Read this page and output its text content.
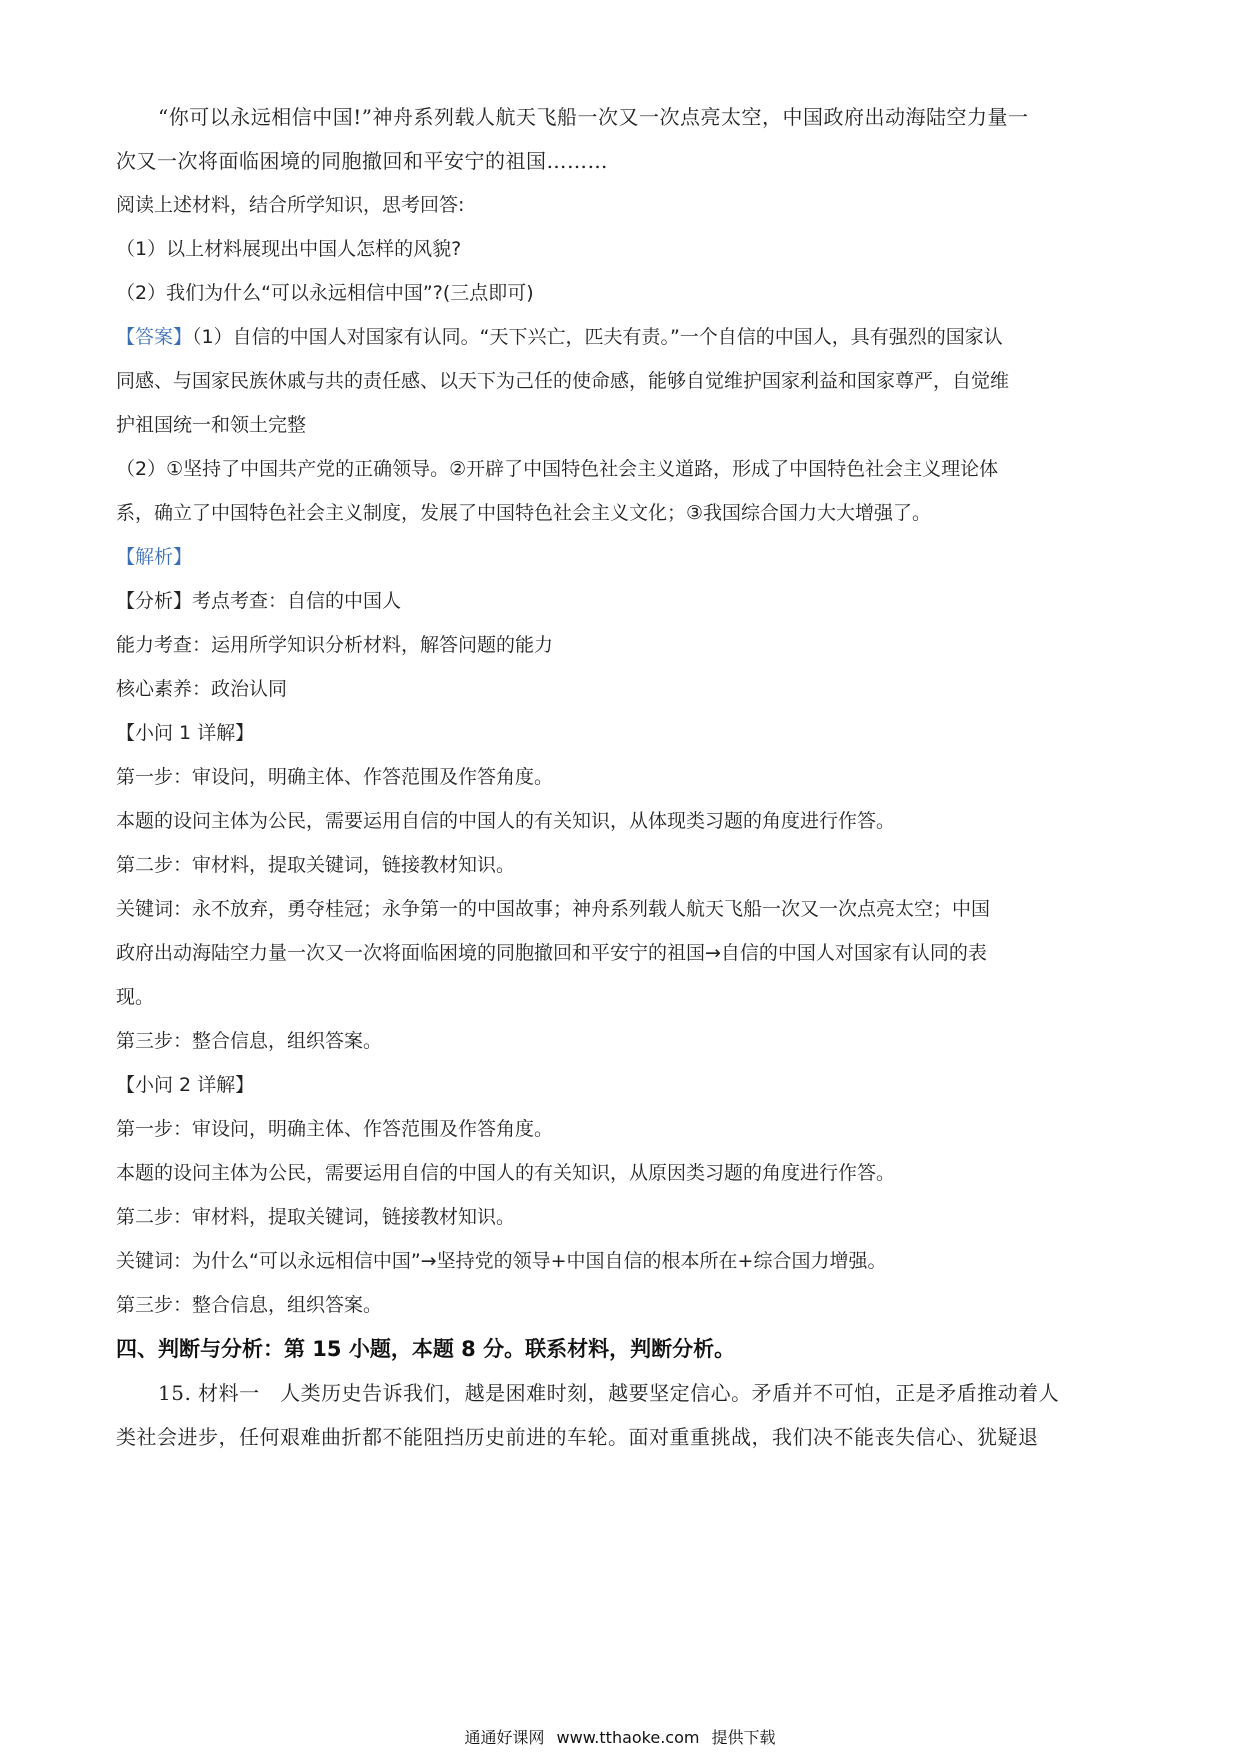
“你可以永远相信中国!”神舟系列载人航天飞船一次又一次点亮太空，中国政府出动海陆空力量一
次又一次将面临困境的同胞撤回和平安宁的祖国………
阅读上述材料，结合所学知识，思考回答:
（1）以上材料展现出中国人怎样的风貌?
（2）我们为什么“可以永远相信中国”?(三点即可)
【答案】（1）自信的中国人对国家有认同。“天下兴亡，匹夫有责。”一个自信的中国人，具有强烈的国家认
同感、与国家民族休戚与共的责任感、以天下为己任的使命感，能够自觉维护国家利益和国家尊严，自觉维
护祖国统一和领土完整
（2）①坚持了中国共产党的正确领导。②开辟了中国特色社会主义道路，形成了中国特色社会主义理论体
系，确立了中国特色社会主义制度，发展了中国特色社会主义文化；③我国综合国力大大增强了。
【解析】
【分析】考点考查：自信的中国人
能力考查：运用所学知识分析材料，解答问题的能力
核心素养：政治认同
【小问 1 详解】
第一步：审设问，明确主体、作答范围及作答角度。
本题的设问主体为公民，需要运用自信的中国人的有关知识，从体现类习题的角度进行作答。
第二步：审材料，提取关键词，链接教材知识。
关键词：永不放弃，勇夺桂冠；永争第一的中国故事；神舟系列载人航天飞船一次又一次点亮太空；中国
政府出动海陆空力量一次又一次将面临困境的同胞撤回和平安宁的祖国→自信的中国人对国家有认同的表
现。
第三步：整合信息，组织答案。
【小问 2 详解】
第一步：审设问，明确主体、作答范围及作答角度。
本题的设问主体为公民，需要运用自信的中国人的有关知识，从原因类习题的角度进行作答。
第二步：审材料，提取关键词，链接教材知识。
关键词：为什么“可以永远相信中国”→坚持党的领导+中国自信的根本所在+综合国力增强。
第三步：整合信息，组织答案。
四、判断与分析：第 15 小题，本题 8 分。联系材料，判断分析。
15. 材料一　人类历史告诉我们，越是困难时刻，越要坚定信心。矛盾并不可怕，正是矛盾推动着人
类社会进步，任何艰难曲折都不能阻挡历史前进的车轮。面对重重挑战，我们决不能丧失信心、犹疑退
通通好课网 www.tthaoke.com 提供下载
